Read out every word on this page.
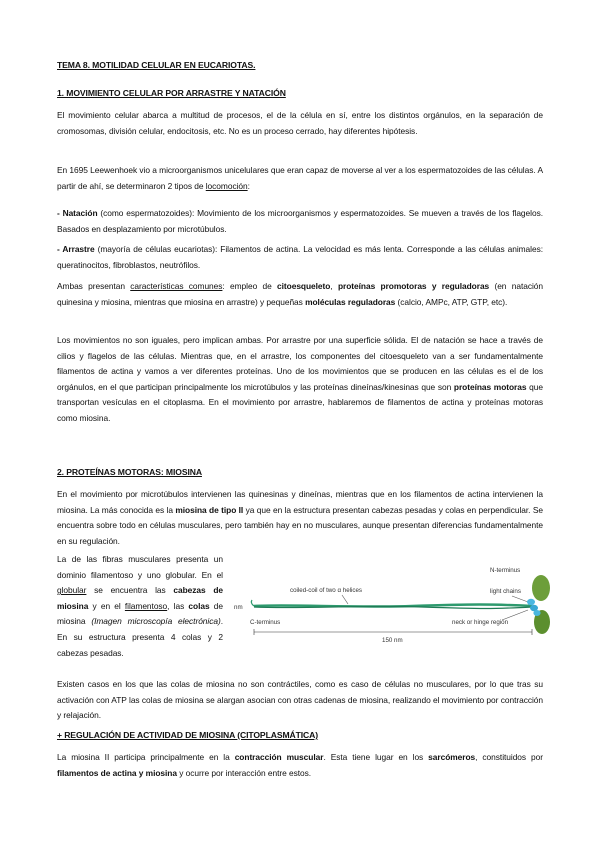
TEMA 8. MOTILIDAD CELULAR EN EUCARIOTAS.
1. MOVIMIENTO CELULAR POR ARRASTRE Y NATACIÓN

El movimiento celular abarca a multitud de procesos, el de la célula en sí, entre los distintos orgánulos, en la separación de cromosomas, división celular, endocitosis, etc. No es un proceso cerrado, hay diferentes hipótesis.

En 1695 Leewenhoek vio a microorganismos unicelulares que eran capaz de moverse al ver a los espermatozoides de las células. A partir de ahí, se determinaron 2 tipos de locomoción:

- Natación (como espermatozoides): Movimiento de los microorganismos y espermatozoides. Se mueven a través de los flagelos. Basados en desplazamiento por microtúbulos.

- Arrastre (mayoría de células eucariotas): Filamentos de actina. La velocidad es más lenta. Corresponde a las células animales: queratinocitos, fibroblastos, neutrófilos.

Ambas presentan características comunes: empleo de citoesqueleto, proteínas promotoras y reguladoras (en natación quinesina y miosina, mientras que miosina en arrastre) y pequeñas moléculas reguladoras (calcio, AMPc, ATP, GTP, etc).

Los movimientos no son iguales, pero implican ambas. Por arrastre por una superficie sólida. El de natación se hace a través de cilios y flagelos de las células. Mientras que, en el arrastre, los componentes del citoesqueleto van a ser fundamentalmente filamentos de actina y vamos a ver diferentes proteínas. Uno de los movimientos que se producen en las células es el de los orgánulos, en el que participan principalmente los microtúbulos y las proteínas dineínas/kinesinas que son proteínas motoras que transportan vesículas en el citoplasma. En el movimiento por arrastre, hablaremos de filamentos de actina y proteínas motoras como miosina.

2. PROTEÍNAS MOTORAS: MIOSINA

En el movimiento por microtúbulos intervienen las quinesinas y dineínas, mientras que en los filamentos de actina intervienen la miosina. La más conocida es la miosina de tipo II ya que en la estructura presentan cabezas pesadas y colas en perpendicular. Se encuentra sobre todo en células musculares, pero también hay en no musculares, aunque presentan diferencias fundamentalmente en su regulación.

La de las fibras musculares presenta un dominio filamentoso y uno globular. En el globular se encuentra las cabezas de miosina y en el filamentoso, las colas de miosina (Imagen microscopía electrónica). En su estructura presenta 4 colas y 2 cabezas pesadas.

N-terminus
coiled-coil of two α helices	light chains
nm
C-terminus	neck or hinge region
150 nm

Existen casos en los que las colas de miosina no son contráctiles, como es caso de células no musculares, por lo que tras su activación con ATP las colas de miosina se alargan asocian con otras cadenas de miosina, realizando el movimiento por contracción y relajación.

+ REGULACIÓN DE ACTIVIDAD DE MIOSINA (CITOPLASMÁTICA)

La miosina II participa principalmente en la contracción muscular. Esta tiene lugar en los sarcómeros, constituidos por filamentos de actina y miosina y ocurre por interacción entre estos.
